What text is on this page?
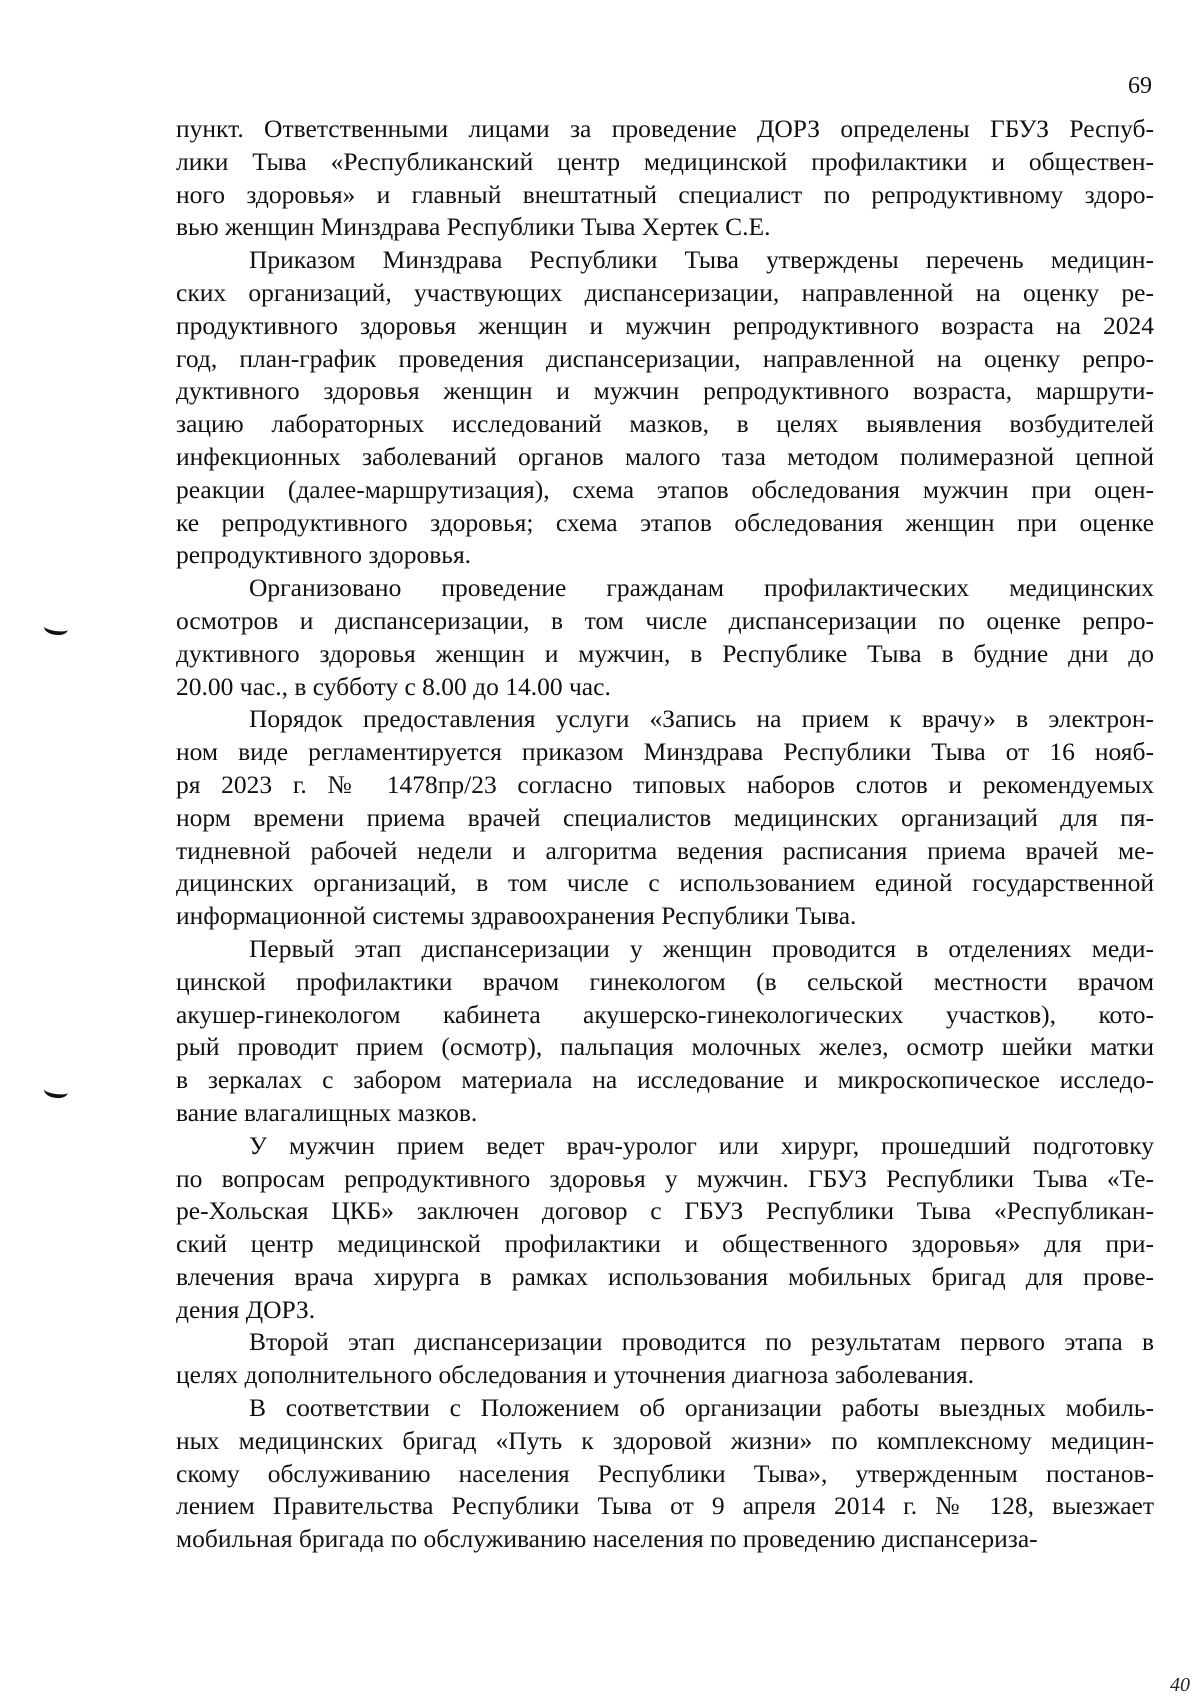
69

пункт. Ответственными лицами за проведение ДОРЗ определены ГБУЗ Респуб-
лики Тыва «Республиканский центр медицинской профилактики и обществен-
ного здоровья» и главный внештатный специалист по репродуктивному здоро-
вью женщин Минздрава Республики Тыва Хертек С.Е.

Приказом Минздрава Республики Тыва утверждены перечень медицин-
ских организаций, участвующих диспансеризации, направленной на оценку ре-
продуктивного здоровья женщин и мужчин репродуктивного возраста на 2024
год, план-график проведения диспансеризации, направленной на оценку репро-
дуктивного здоровья женщин и мужчин репродуктивного возраста, маршрути-
зацию лабораторных исследований мазков, в целях выявления возбудителей
инфекционных заболеваний органов малого таза методом полимеразной цепной
реакции (далее-маршрутизация), схема этапов обследования мужчин при оцен-
ке репродуктивного здоровья; схема этапов обследования женщин при оценке
репродуктивного здоровья.

Организовано проведение гражданам профилактических медицинских
осмотров и диспансеризации, в том числе диспансеризации по оценке репро-
дуктивного здоровья женщин и мужчин, в Республике Тыва в будние дни до
20.00 час., в субботу с 8.00 до 14.00 час.

Порядок предоставления услуги «Запись на прием к врачу» в электрон-
ном виде регламентируется приказом Минздрава Республики Тыва от 16 нояб-
ря 2023 г. № 1478пр/23 согласно типовых наборов слотов и рекомендуемых
норм времени приема врачей специалистов медицинских организаций для пя-
тидневной рабочей недели и алгоритма ведения расписания приема врачей ме-
дицинских организаций, в том числе с использованием единой государственной
информационной системы здравоохранения Республики Тыва.

Первый этап диспансеризации у женщин проводится в отделениях меди-
цинской профилактики врачом гинекологом (в сельской местности врачом
акушер-гинекологом кабинета акушерско-гинекологических участков), кото-
рый проводит прием (осмотр), пальпация молочных желез, осмотр шейки матки
в зеркалах с забором материала на исследование и микроскопическое исследо-
вание влагалищных мазков.

У мужчин прием ведет врач-уролог или хирург, прошедший подготовку
по вопросам репродуктивного здоровья у мужчин. ГБУЗ Республики Тыва «Те-
ре-Хольская ЦКБ» заключен договор с ГБУЗ Республики Тыва «Республикан-
ский центр медицинской профилактики и общественного здоровья» для при-
влечения врача хирурга в рамках использования мобильных бригад для прове-
дения ДОРЗ.

Второй этап диспансеризации проводится по результатам первого этапа в
целях дополнительного обследования и уточнения диагноза заболевания.

В соответствии с Положением об организации работы выездных мобиль-
ных медицинских бригад «Путь к здоровой жизни» по комплексному медицин-
скому обслуживанию населения Республики Тыва», утвержденным постанов-
лением Правительства Республики Тыва от 9 апреля 2014 г. № 128, выезжает
мобильная бригада по обслуживанию населения по проведению диспансериза-

40
